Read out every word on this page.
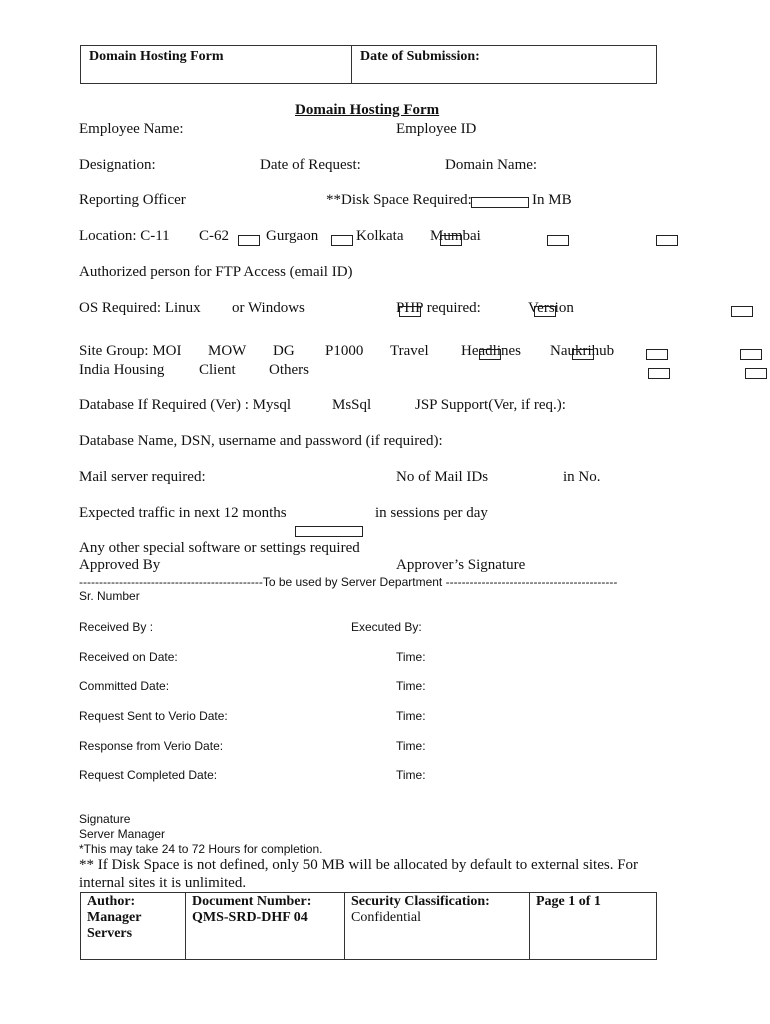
Domain Hosting Form	Date of Submission:
Domain Hosting Form
Employee Name:	Employee ID
Designation:	Date of Request:	Domain Name:
Reporting Officer	**Disk Space Required:
	In MB
Location: C-11
C-62
Gurgaon
	Kolkata
Mumbai

Authorized person for FTP Access (email ID)
OS Required: Linux
or Windows
	PHP required:
	Version

Site Group: MOI
MOW
DG
P1000
Travel
Headlines
Naukrihub

India Housing
Client
Others

Database If Required (Ver) : Mysql
	MsSql
	JSP Support(Ver, if req.):

Database Name, DSN, username and password (if required):
Mail server required:
	No of Mail IDs
	in No.
Expected traffic in next 12 months	in sessions per day
Any other special software or settings required
Approved By	Approver’s Signature
----------------------------------------------To be used by Server Department -------------------------------------------
Sr. Number
Received By :	Executed By:
Received on Date:	Time:
Committed Date:	Time:
Request Sent to Verio Date:	Time:
Response from Verio Date:	Time:
Request Completed Date:	Time:
Signature
Server Manager
*This may take 24 to 72 Hours for completion.
** If Disk Space is not defined, only 50 MB will be allocated by default to external sites. For
internal sites it is unlimited.
Author:
Manager
Servers

Document Number:
QMS-SRD-DHF 04

Security Classification:
Confidential

Page 1 of 1
